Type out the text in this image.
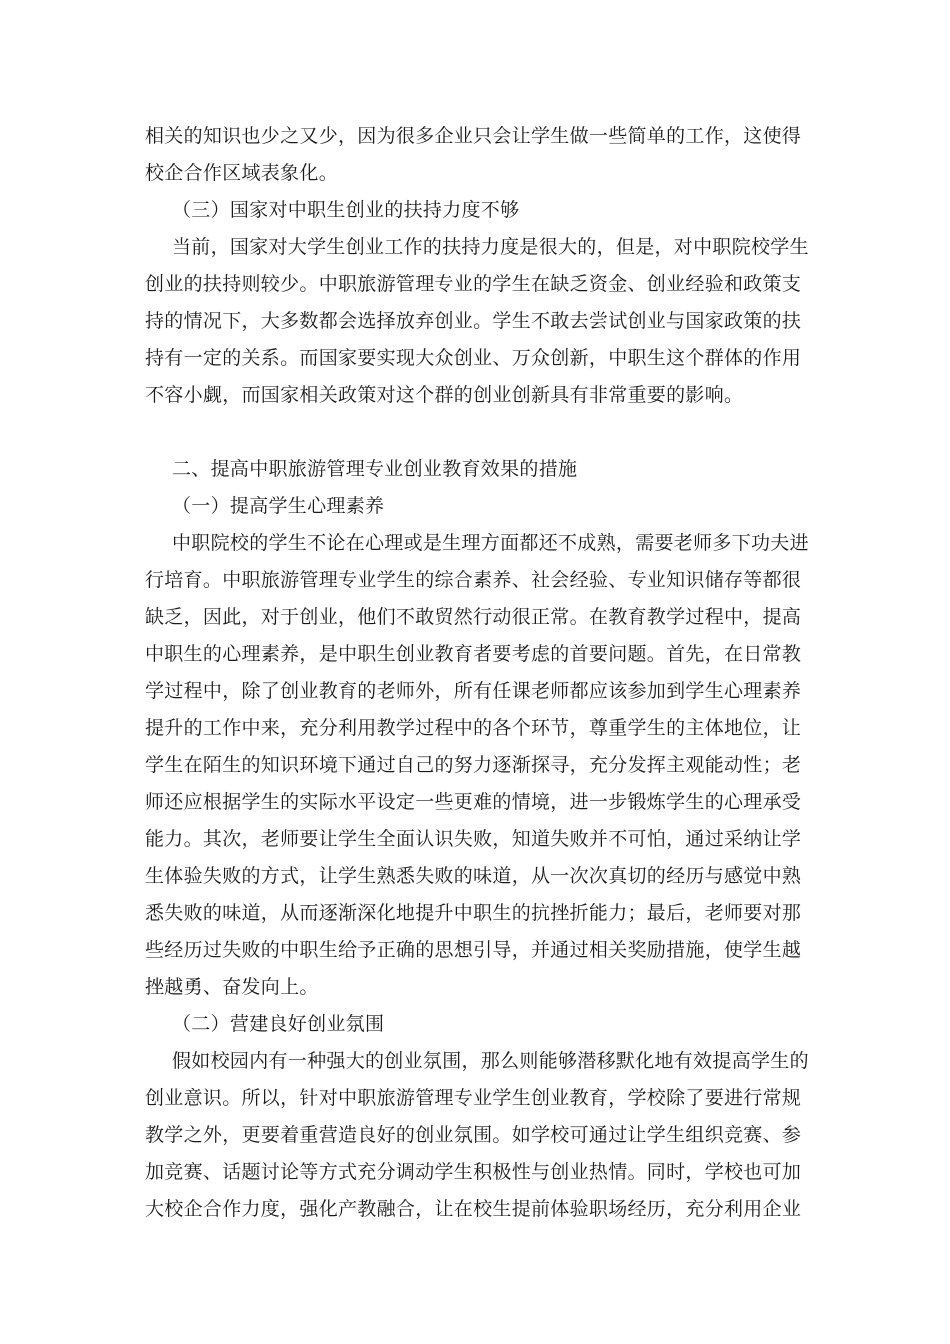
相关的知识也少之又少，因为很多企业只会让学生做一些简单的工作，这使得
校企合作区域表象化。
（三）国家对中职生创业的扶持力度不够
当前，国家对大学生创业工作的扶持力度是很大的，但是，对中职院校学生
创业的扶持则较少。中职旅游管理专业的学生在缺乏资金、创业经验和政策支
持的情况下，大多数都会选择放弃创业。学生不敢去尝试创业与国家政策的扶
持有一定的关系。而国家要实现大众创业、万众创新，中职生这个群体的作用
不容小觑，而国家相关政策对这个群的创业创新具有非常重要的影响。
二、提高中职旅游管理专业创业教育效果的措施
（一）提高学生心理素养
中职院校的学生不论在心理或是生理方面都还不成熟，需要老师多下功夫进
行培育。中职旅游管理专业学生的综合素养、社会经验、专业知识储存等都很
缺乏，因此，对于创业，他们不敢贸然行动很正常。在教育教学过程中，提高
中职生的心理素养，是中职生创业教育者要考虑的首要问题。首先，在日常教
学过程中，除了创业教育的老师外，所有任课老师都应该参加到学生心理素养
提升的工作中来，充分利用教学过程中的各个环节，尊重学生的主体地位，让
学生在陌生的知识环境下通过自己的努力逐渐探寻，充分发挥主观能动性；老
师还应根据学生的实际水平设定一些更难的情境，进一步锻炼学生的心理承受
能力。其次，老师要让学生全面认识失败，知道失败并不可怕，通过采纳让学
生体验失败的方式，让学生熟悉失败的味道，从一次次真切的经历与感觉中熟
悉失败的味道，从而逐渐深化地提升中职生的抗挫折能力；最后，老师要对那
些经历过失败的中职生给予正确的思想引导，并通过相关奖励措施，使学生越
挫越勇、奋发向上。
（二）营建良好创业氛围
假如校园内有一种强大的创业氛围，那么则能够潜移默化地有效提高学生的
创业意识。所以，针对中职旅游管理专业学生创业教育，学校除了要进行常规
教学之外，更要着重营造良好的创业氛围。如学校可通过让学生组织竞赛、参
加竞赛、话题讨论等方式充分调动学生积极性与创业热情。同时，学校也可加
大校企合作力度，强化产教融合，让在校生提前体验职场经历，充分利用企业
